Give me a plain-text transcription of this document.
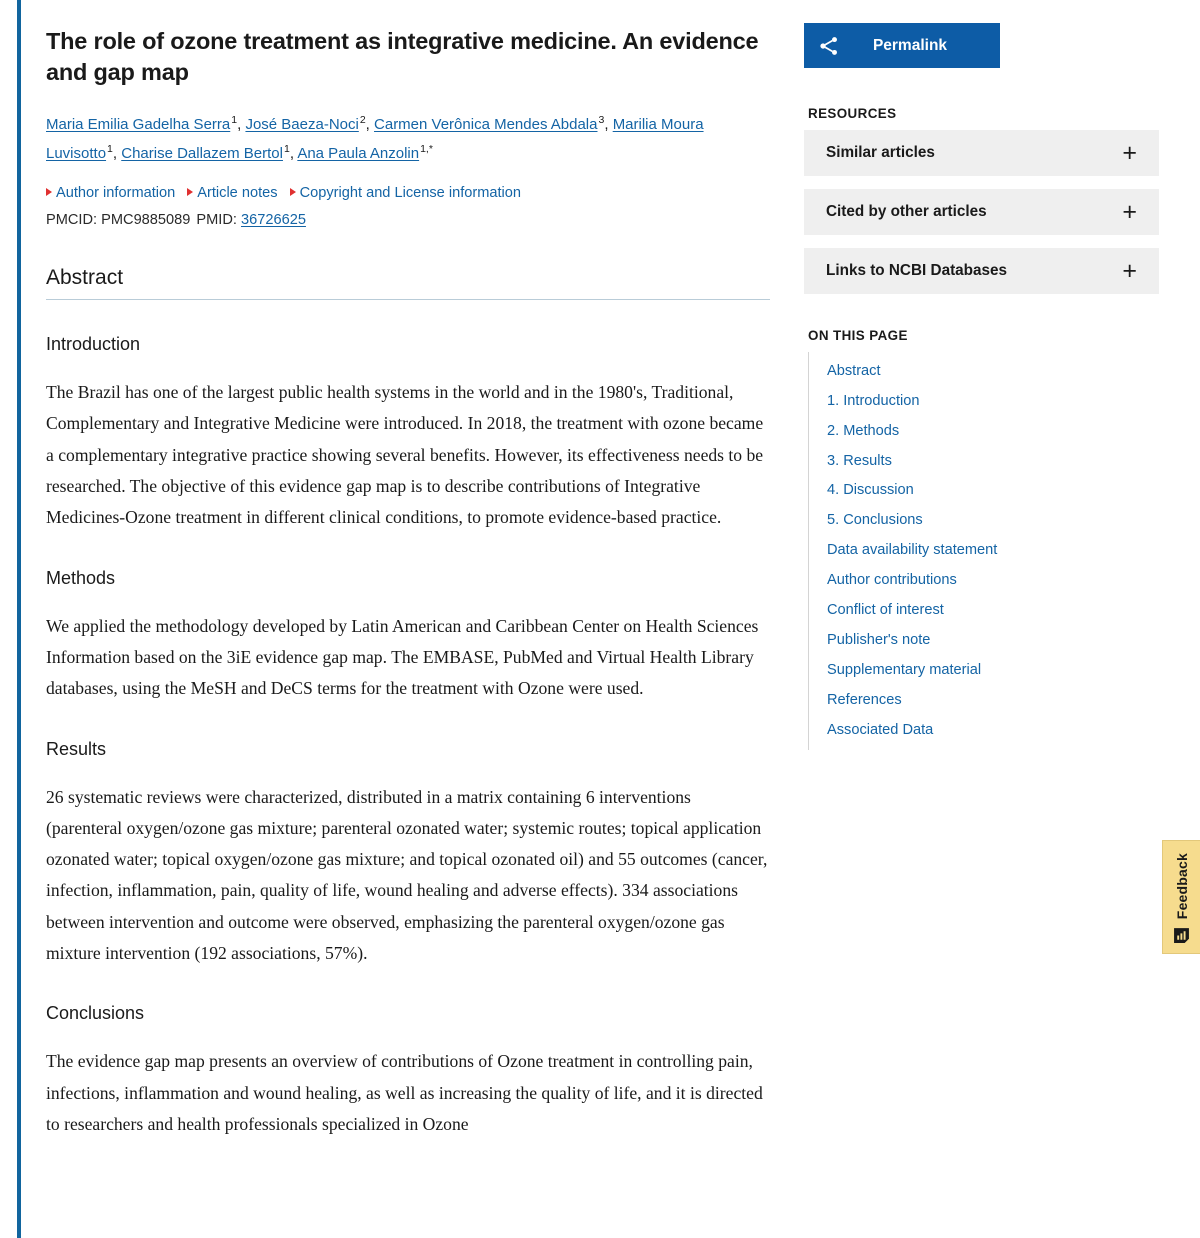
The role of ozone treatment as integrative medicine. An evidence and gap map
Maria Emilia Gadelha Serra$^1$, José Baeza-Noci$^2$, Carmen Verônica Mendes Abdala$^3$, Marilia Moura Luvisotto$^1$, Charise Dallazem Bertol$^1$, Ana Paula Anzolin$^{1,*}$
Author information Article notes Copyright and License information
PMCID: PMC9885089 PMID: 36726625
Abstract
Introduction

The Brazil has one of the largest public health systems in the world and in the 1980's, Traditional, Complementary and Integrative Medicine were introduced. In 2018, the treatment with ozone became a complementary integrative practice showing several benefits. However, its effectiveness needs to be researched. The objective of this evidence gap map is to describe contributions of Integrative Medicines-Ozone treatment in different clinical conditions, to promote evidence-based practice.

Methods

We applied the methodology developed by Latin American and Caribbean Center on Health Sciences Information based on the 3iE evidence gap map. The EMBASE, PubMed and Virtual Health Library databases, using the MeSH and DeCS terms for the treatment with Ozone were used.

Results

26 systematic reviews were characterized, distributed in a matrix containing 6 interventions (parenteral oxygen/ozone gas mixture; parenteral ozonated water; systemic routes; topical application ozonated water; topical oxygen/ozone gas mixture; and topical ozonated oil) and 55 outcomes (cancer, infection, inflammation, pain, quality of life, wound healing and adverse effects). 334 associations between intervention and outcome were observed, emphasizing the parenteral oxygen/ozone gas mixture intervention (192 associations, 57%).

Conclusions

The evidence gap map presents an overview of contributions of Ozone treatment in controlling pain, infections, inflammation and wound healing, as well as increasing the quality of life, and it is directed to researchers and health professionals specialized in Ozone

Permalink
RESOURCES
Similar articles	+
Cited by other articles	+
Links to NCBI Databases	+
ON THIS PAGE
Abstract
1. Introduction
2. Methods
3. Results
4. Discussion
5. Conclusions
Data availability statement
Author contributions
Conflict of interest
Publisher's note
Supplementary material
References
Associated Data
Feedback
